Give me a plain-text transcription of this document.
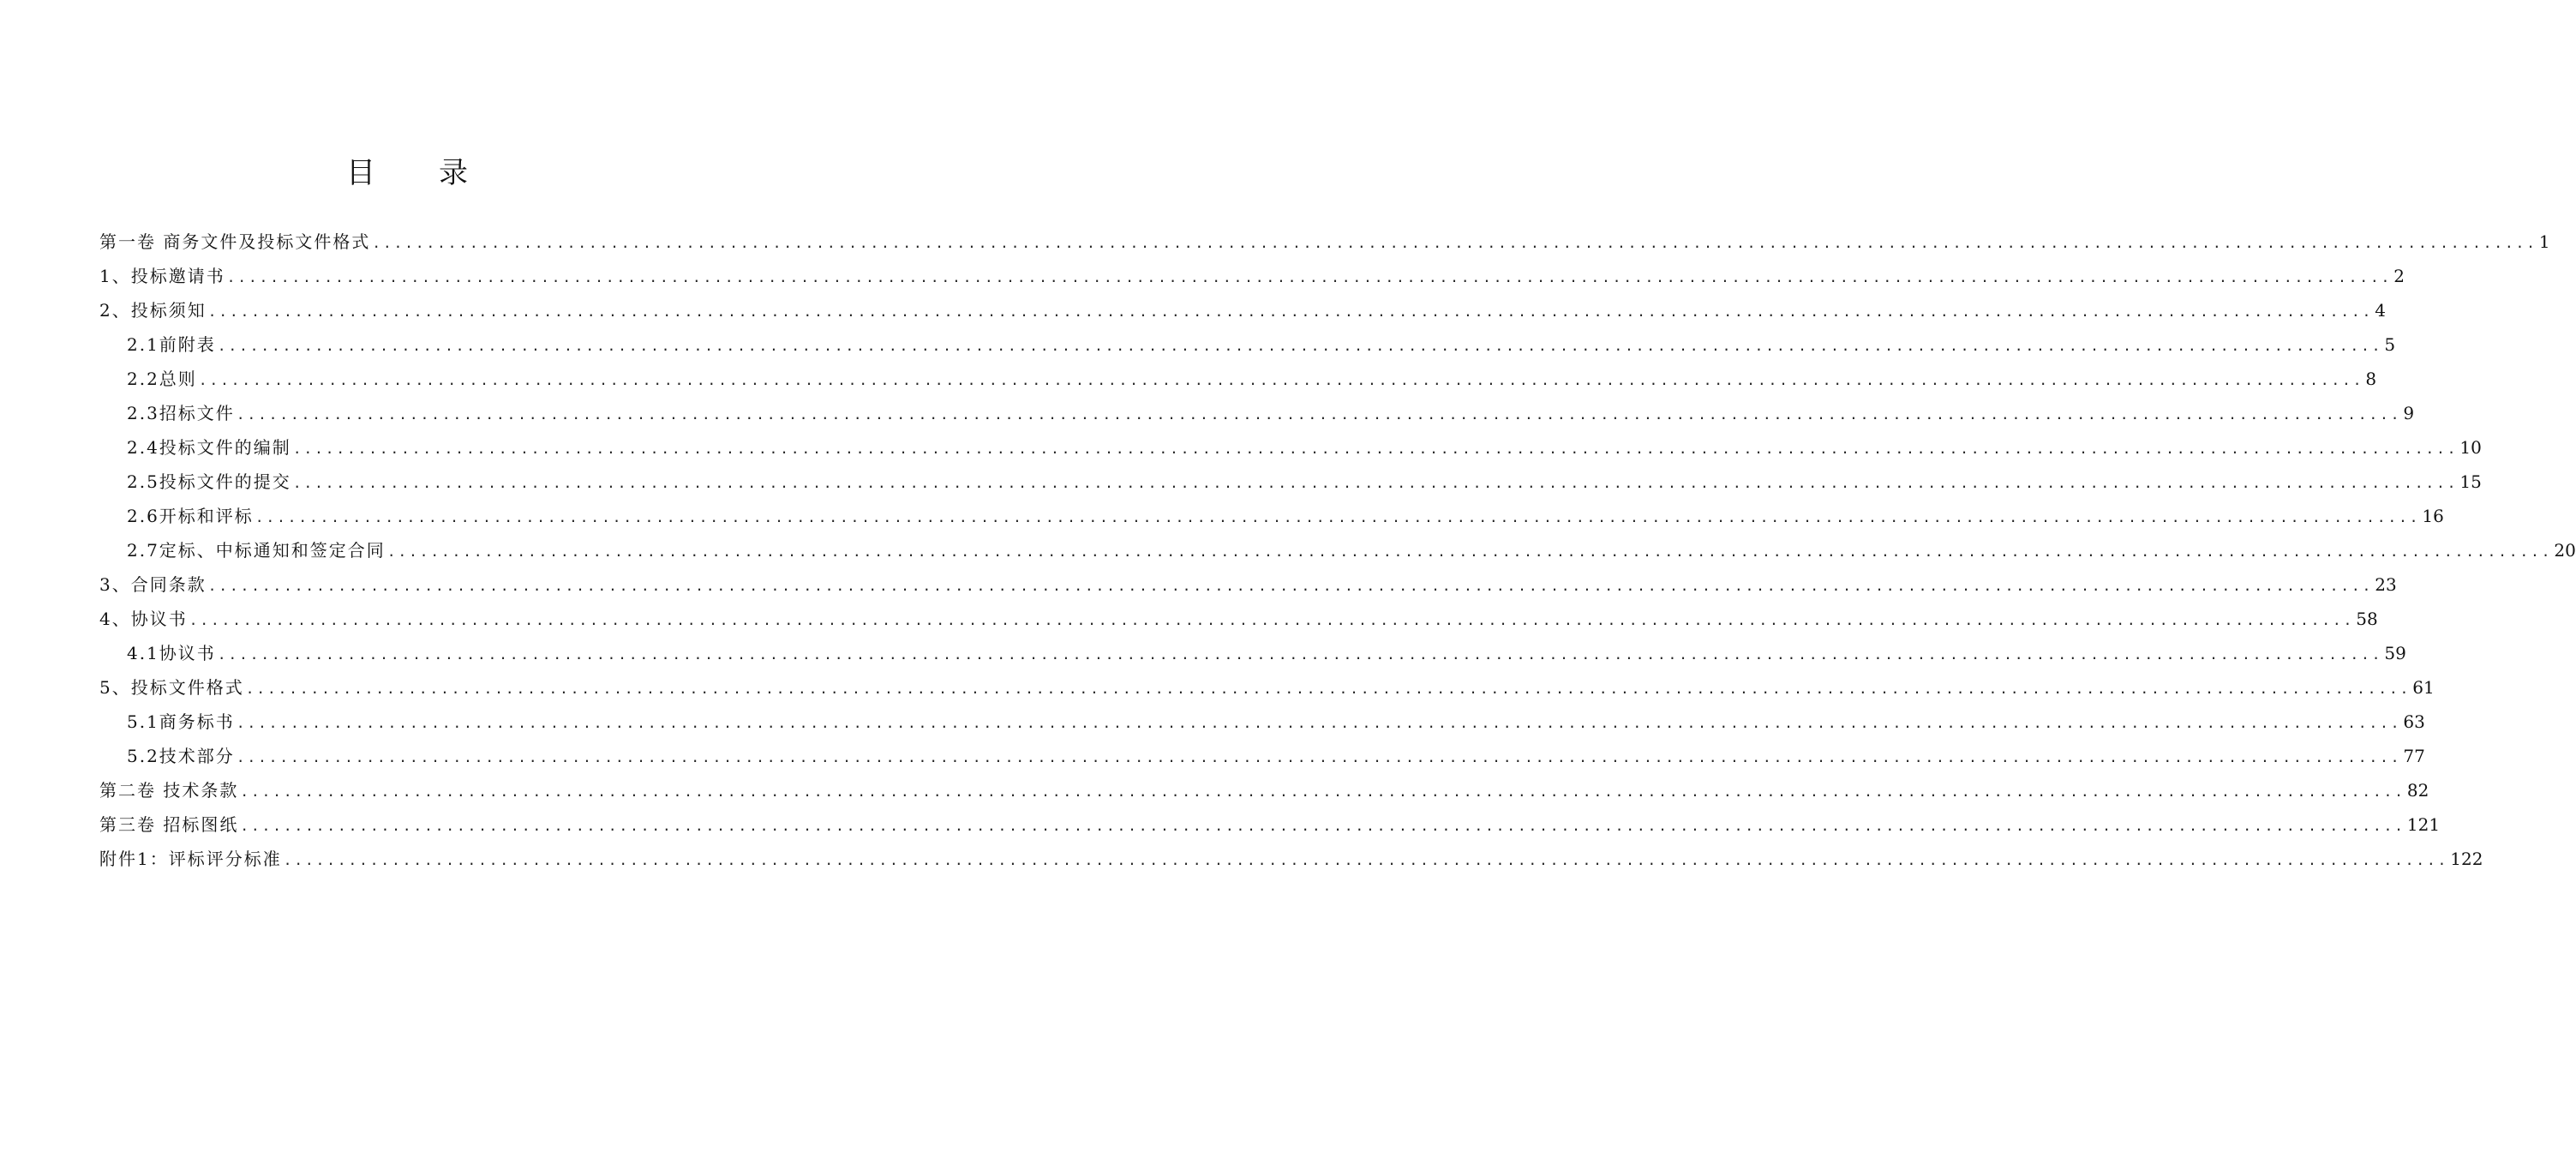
目 录
第一卷 商务文件及投标文件格式 ........................................................................................................................................................................................................ 1
1、投标邀请书 ........................................................................................................................................................................................................ 2
2、投标须知 ........................................................................................................................................................................................................ 4
2.1前附表 ........................................................................................................................................................................................................ 5
2.2总则 ........................................................................................................................................................................................................ 8
2.3招标文件 ........................................................................................................................................................................................................ 9
2.4投标文件的编制 ........................................................................................................................................................................................................ 10
2.5投标文件的提交 ........................................................................................................................................................................................................ 15
2.6开标和评标 ........................................................................................................................................................................................................ 16
2.7定标、中标通知和签定合同 ........................................................................................................................................................................................................ 20
3、合同条款 ........................................................................................................................................................................................................ 23
4、协议书 ........................................................................................................................................................................................................ 58
4.1协议书 ........................................................................................................................................................................................................ 59
5、投标文件格式 ........................................................................................................................................................................................................ 61
5.1商务标书 ........................................................................................................................................................................................................ 63
5.2技术部分 ........................................................................................................................................................................................................ 77
第二卷 技术条款 ........................................................................................................................................................................................................ 82
第三卷 招标图纸 ........................................................................................................................................................................................................ 121
附件1：评标评分标准 ........................................................................................................................................................................................................ 122
